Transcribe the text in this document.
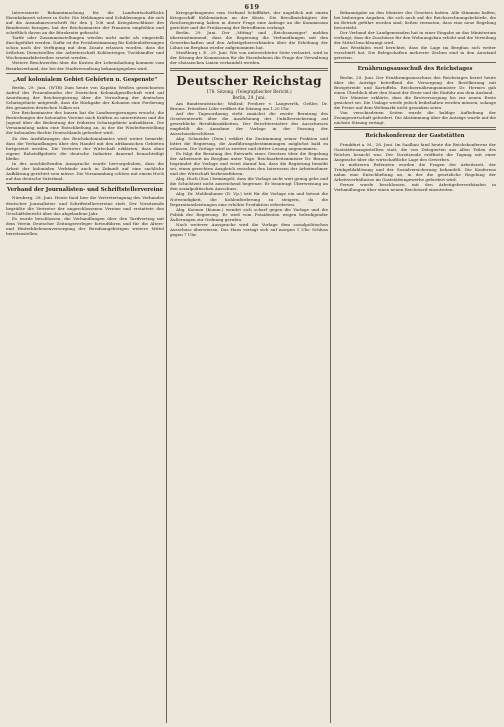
619

Interessierte Bekanntmachung für die Landwirtschaftliche Eisenbahnzeit schwer in Sicht. Die Meldungen und Schilderungen, die sich auf die Ausnahmevorschrift für den § 106 und Kriegsbeschlüsse des Bundesrats bezogen, hat der Reichsminister der Finanzen empfohlen und schriftlich davon an die Bürokratie gebracht.

Tarife oder Zusammenstellungen werden nicht mehr als eingestellt durchgeführt werden. Dafür ist die Preisbestimmung für Kohlenlieferungen schon nach der Verfügung mit dem Zusatz erlassen worden, dass die örtlichen Dienststellen der Arbeiterschaft Kohlenträger, Tuchhändler und Wochenmarktbetreiber ersetzt werden.

Weitere Beschwerden über die Kosten der Lebenshaltung kommen vom Bezirksverband, der bei der Stadtverwaltung bekanntgegeben wird.

„Auf kolonialem Gebiet Gehörten u. Gespenste"

Berlin, 29. Juni. (WTB) Zum heute von Kapitän Weißen gezeichneten Aufruf des Frauenbundes der Deutschen Kolonialgesellschaft wird auf Anordnung der Reichsregierung über die Verwaltung der deutschen Schutzgebiete mitgeteilt, dass die Rückgabe der Kolonien eine Forderung des gesamten deutschen Volkes sei.

Der Reichsminister des Innern hat die Landesregierungen ersucht, die Bestrebungen der kolonialen Vereine nach Kräften zu unterstützen und die Jugend über die Bedeutung der früheren Schutzgebiete aufzuklären. Die Versammlung nahm eine Entschließung an, in der die Wiederherstellung der kolonialen Rechte Deutschlands gefordert wird.

Zu den Ausführungen des Reichskolonialamtes wird weiter bemerkt, dass die Verhandlungen über den Handel mit den afrikanischen Gebieten fortgesetzt werden. Die Vertreter der Wirtschaft erklärten, dass ohne eigene Rohstoffgebiete die deutsche Industrie dauernd benachteiligt bleibe.

In der anschließenden Aussprache wurde hervorgehoben, dass die Arbeit der kolonialen Verbände auch in Zukunft auf eine sachliche Aufklärung gerichtet sein müsse. Die Versammlung schloss mit einem Hoch auf das deutsche Vaterland.

Verband der Journalisten- und Schriftstellervereine

Nürnberg, 28. Juni. Heute fand hier die Vertretertagung des Verbandes deutscher Journalisten- und Schriftstellervereine statt. Der Vorsitzende begrüßte die Vertreter der angeschlossenen Vereine und erstattete den Geschäftsbericht über das abgelaufene Jahr.

Es wurde beschlossen, die Verhandlungen über den Tarifvertrag mit dem Verein Deutscher Zeitungsverleger fortzuführen und für die Alters- und Hinterbliebenenversorgung der Berufsangehörigen weitere Mittel bereitzustellen.

Kriegsgefangenen vom Verband Schifffahrt, der angeblich mit einem Kriegsschiff Kohlenstation an der Küste. Die Bevollmächtigten der Reichsregierung haben in dieser Frage eine Anfrage an die Kommission gerichtet und die Freilassung der Betroffenen verlangt.

Berlin, 29. Juni. Der „Mittag" und „Reichsanzeiger" melden übereinstimmend, dass die Regierung die Verhandlungen mit den Gewerkschaften und den Arbeitgeberverbänden über die Erhöhung der Löhne im Bergbau wieder aufgenommen hat.

Straßburg i. E., 29. Juni. Wie von unterrichteter Seite verlautet, wird in der Sitzung der Kommission für die Eisenbahnen die Frage der Verwaltung der elsässischen Linien verhandelt werden.

Deutscher Reichstag
178. Sitzung. (Telegraphischer Bericht.)
Berlin, 29. Juni.

Am Bundesratstische: Wallraf, Freiherr v. Langwerth, Geßler, Dr. Brauns. Präsident Löbe eröffnet die Sitzung um 1.20 Uhr.

Auf der Tagesordnung steht zunächst die zweite Beratung des Gesetzentwurfs über die Ausdehnung der Unfallversicherung auf gewerbliche Berufskrankheiten. Der Berichterstatter des Ausschusses empfiehlt die Annahme der Vorlage in der Fassung der Ausschussbeschlüsse.

Abg. Schneider (Dem.) erklärt die Zustimmung seiner Fraktion und bittet die Regierung, die Ausführungsbestimmungen möglichst bald zu erlassen. Die Vorlage wird in zweiter und dritter Lesung angenommen.

Es folgt die Beratung des Entwurfs eines Gesetzes über die Regelung der Arbeitszeit im Bergbau unter Tage. Reichsarbeitsminister Dr. Brauns begründet die Vorlage und weist darauf hin, dass die Regierung bemüht sei, einen gerechten Ausgleich zwischen den Interessen der Arbeitnehmer und der Wirtschaft herbeizuführen.

Abg. Hoch (Soz.) bemängelt, dass die Vorlage nicht weit genug gehe und die Schichtzeit nicht ausreichend begrenze. Er beantragt Überweisung an den sozialpolitischen Ausschuss.

Abg. Dr. Moldenhauer (D. Vp.) tritt für die Vorlage ein und betont die Notwendigkeit, die Kohlenförderung zu steigern, da die Reparationsleistungen eine erhöhte Produktion erforderten.

Abg. Koenen (Komm.) wendet sich scharf gegen die Vorlage und die Politik der Regierung. Er wird vom Präsidenten wegen beleidigender Äußerungen zur Ordnung gerufen.

Nach weiterer Aussprache wird die Vorlage dem sozialpolitischen Ausschuss überwiesen. Das Haus vertagt sich auf morgen 1 Uhr. Schluss gegen 7 Uhr.

Bekanntgabe an den Minister des Gesetzes hatten. Alle Stimmen halfen; bei bisherigen Angaben, die sich auch auf die Reichsrechnungsbehörde, die im Betrieb geführt worden sind, ließen vermuten, dass eine neue Regelung bevorsteht.

Der Verband der Landgemeinden hat in einer Eingabe an das Ministerium verlangt, dass die Zuschüsse für den Wohnungsbau erhöht und die Verteilung der Mittel beschleunigt wird.

Aus Westfalen wird berichtet, dass die Lage im Bergbau sich weiter verschärft hat. Die Belegschaften mehrerer Zechen sind in den Ausstand getreten.

Ernährungsausschuß des Reichstages

Berlin, 29. Juni. Der Ernährungsausschuss des Reichstages beriet heute über die Anträge betreffend die Versorgung der Bevölkerung mit Brotgetreide und Kartoffeln. Reichsernährungsminister Dr. Hermes gab einen Überblick über den Stand der Ernte und die Einfuhr aus dem Ausland.

Der Minister erklärte, dass die Brotversorgung bis zur neuen Ernte gesichert sei. Die Umlage werde jedoch beibehalten werden müssen, solange die Preise auf dem Weltmarkt nicht gesunken seien.

Von verschiedenen Seiten wurde die baldige Aufhebung der Zwangswirtschaft gefordert. Die Abstimmung über die Anträge wurde auf die nächste Sitzung vertagt.

Reichskonferenz der Gaststätten

Frankfurt a. M., 28. Juni. Im Saalbau fand heute die Reichskonferenz der Gaststättenangestellten statt, die von Delegierten aus allen Teilen des Reiches besucht war. Der Vorsitzende eröffnete die Tagung mit einer Ansprache über die wirtschaftliche Lage des Gewerbes.

In mehreren Referaten wurden die Fragen der Arbeitszeit, der Trinkgeldablösung und der Sozialversicherung behandelt. Die Konferenz nahm eine Entschließung an, in der die gesetzliche Regelung der Arbeitsverhältnisse im Gaststättengewerbe gefordert wird.

Ferner wurde beschlossen, mit den Arbeitgeberverbänden in Verhandlungen über einen neuen Reichstarif einzutreten.
